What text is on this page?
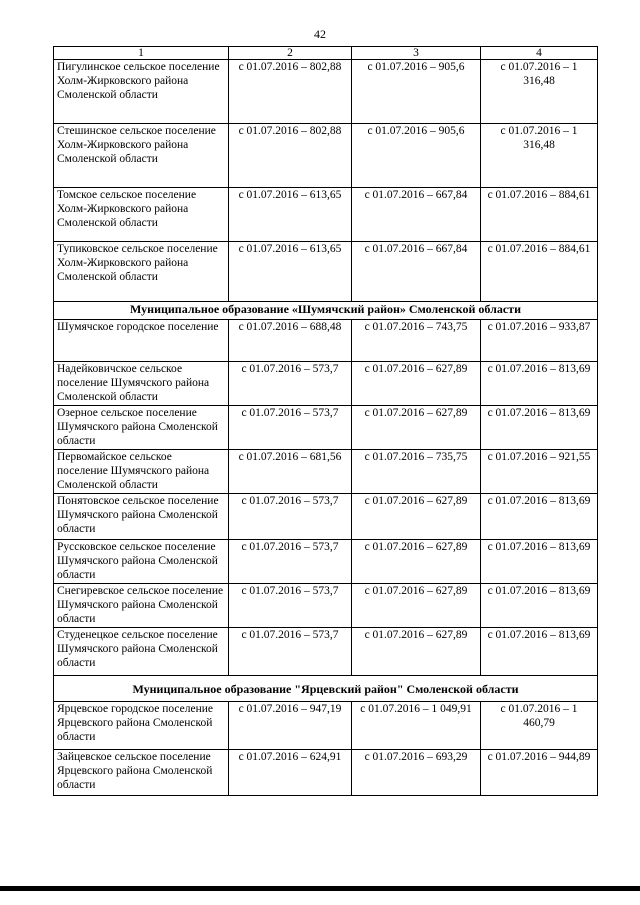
42
1	2	3	4
Пигулинское сельское поселение Холм-Жирковского района Смоленской области	с 01.07.2016 – 802,88	с 01.07.2016 – 905,6	с 01.07.2016 – 1 316,48
Стешинское сельское поселение Холм-Жирковского района Смоленской области	с 01.07.2016 – 802,88	с 01.07.2016 – 905,6	с 01.07.2016 – 1 316,48
Томское сельское поселение Холм-Жирковского района Смоленской области	с 01.07.2016 – 613,65	с 01.07.2016 – 667,84	с 01.07.2016 – 884,61
Тупиковское сельское поселение Холм-Жирковского района Смоленской области	с 01.07.2016 – 613,65	с 01.07.2016 – 667,84	с 01.07.2016 – 884,61
Муниципальное образование «Шумячский район» Смоленской области			
Шумячское городское поселение	с 01.07.2016 – 688,48	с 01.07.2016 – 743,75	с 01.07.2016 – 933,87
Надейковичское сельское поселение Шумячского района Смоленской области	с 01.07.2016 – 573,7	с 01.07.2016 – 627,89	с 01.07.2016 – 813,69
Озерное сельское поселение Шумячского района Смоленской области	с 01.07.2016 – 573,7	с 01.07.2016 – 627,89	с 01.07.2016 – 813,69
Первомайское сельское поселение Шумячского района Смоленской области	с 01.07.2016 – 681,56	с 01.07.2016 – 735,75	с 01.07.2016 – 921,55
Понятовское сельское поселение Шумячского района Смоленской области	с 01.07.2016 – 573,7	с 01.07.2016 – 627,89	с 01.07.2016 – 813,69
Руссковское сельское поселение Шумячского района Смоленской области	с 01.07.2016 – 573,7	с 01.07.2016 – 627,89	с 01.07.2016 – 813,69
Снегиревское сельское поселение Шумячского района Смоленской области	с 01.07.2016 – 573,7	с 01.07.2016 – 627,89	с 01.07.2016 – 813,69
Студенецкое сельское поселение Шумячского района Смоленской области	с 01.07.2016 – 573,7	с 01.07.2016 – 627,89	с 01.07.2016 – 813,69
Муниципальное образование "Ярцевский район" Смоленской области			
Ярцевское городское поселение Ярцевского района Смоленской области	с 01.07.2016 – 947,19	с 01.07.2016 – 1 049,91	с 01.07.2016 – 1 460,79
Зайцевское сельское поселение Ярцевского района Смоленской области	с 01.07.2016 – 624,91	с 01.07.2016 – 693,29	с 01.07.2016 – 944,89
